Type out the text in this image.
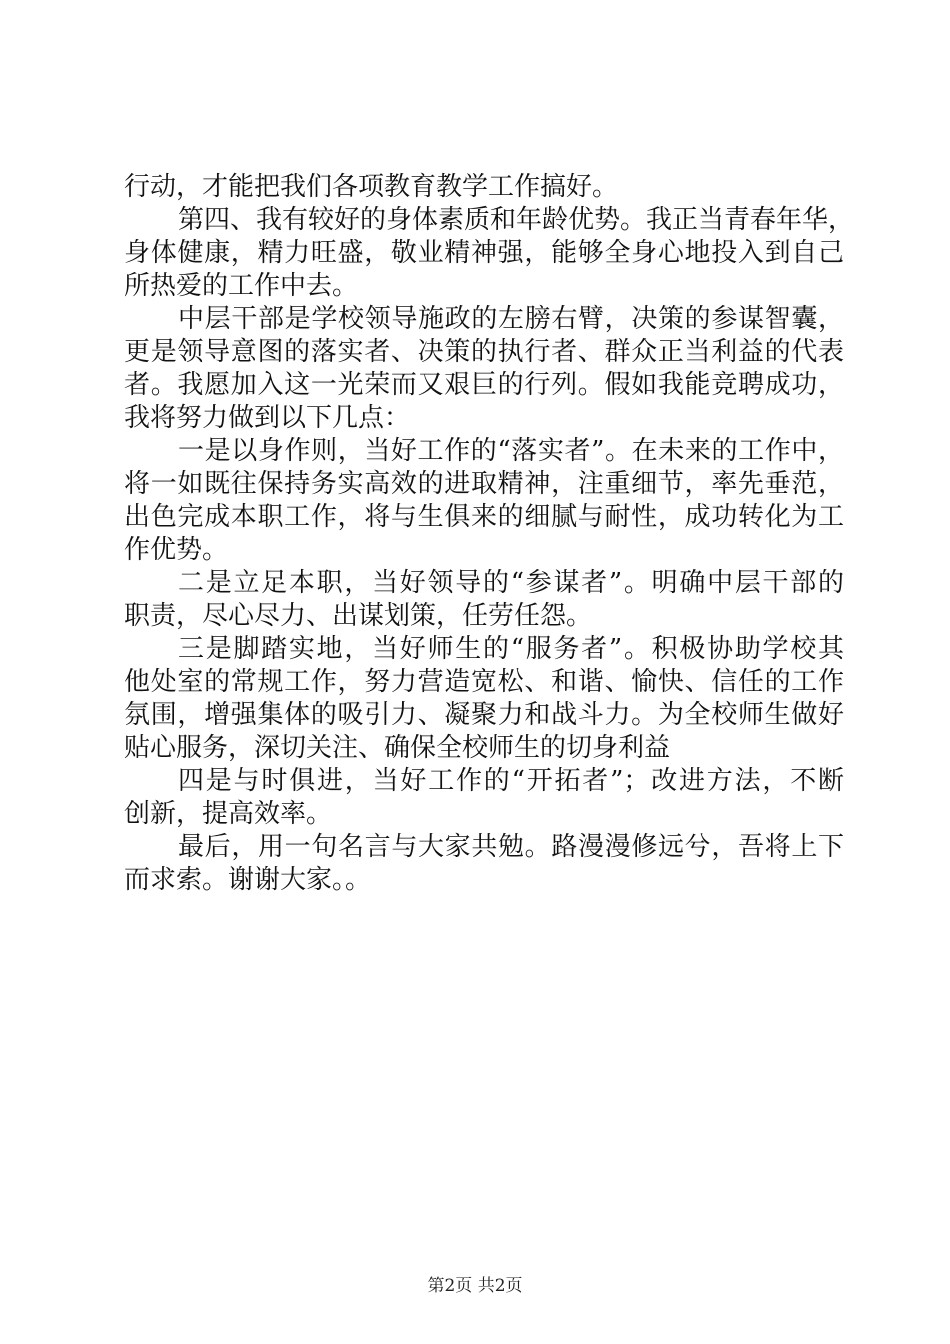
行动，才能把我们各项教育教学工作搞好。
第四、我有较好的身体素质和年龄优势。我正当青春年华，
身体健康，精力旺盛，敬业精神强，能够全身心地投入到自己
所热爱的工作中去。
中层干部是学校领导施政的左膀右臂，决策的参谋智囊，
更是领导意图的落实者、决策的执行者、群众正当利益的代表
者。我愿加入这一光荣而又艰巨的行列。假如我能竞聘成功，
我将努力做到以下几点：
一是以身作则，当好工作的“落实者”。在未来的工作中，
将一如既往保持务实高效的进取精神，注重细节，率先垂范，
出色完成本职工作，将与生俱来的细腻与耐性，成功转化为工
作优势。
二是立足本职，当好领导的“参谋者”。明确中层干部的
职责，尽心尽力、出谋划策，任劳任怨。
三是脚踏实地，当好师生的“服务者”。积极协助学校其
他处室的常规工作，努力营造宽松、和谐、愉快、信任的工作
氛围，增强集体的吸引力、凝聚力和战斗力。为全校师生做好
贴心服务，深切关注、确保全校师生的切身利益
四是与时俱进，当好工作的“开拓者”；改进方法，不断
创新，提高效率。
最后，用一句名言与大家共勉。路漫漫修远兮，吾将上下
而求索。谢谢大家。。
第2页 共2页
